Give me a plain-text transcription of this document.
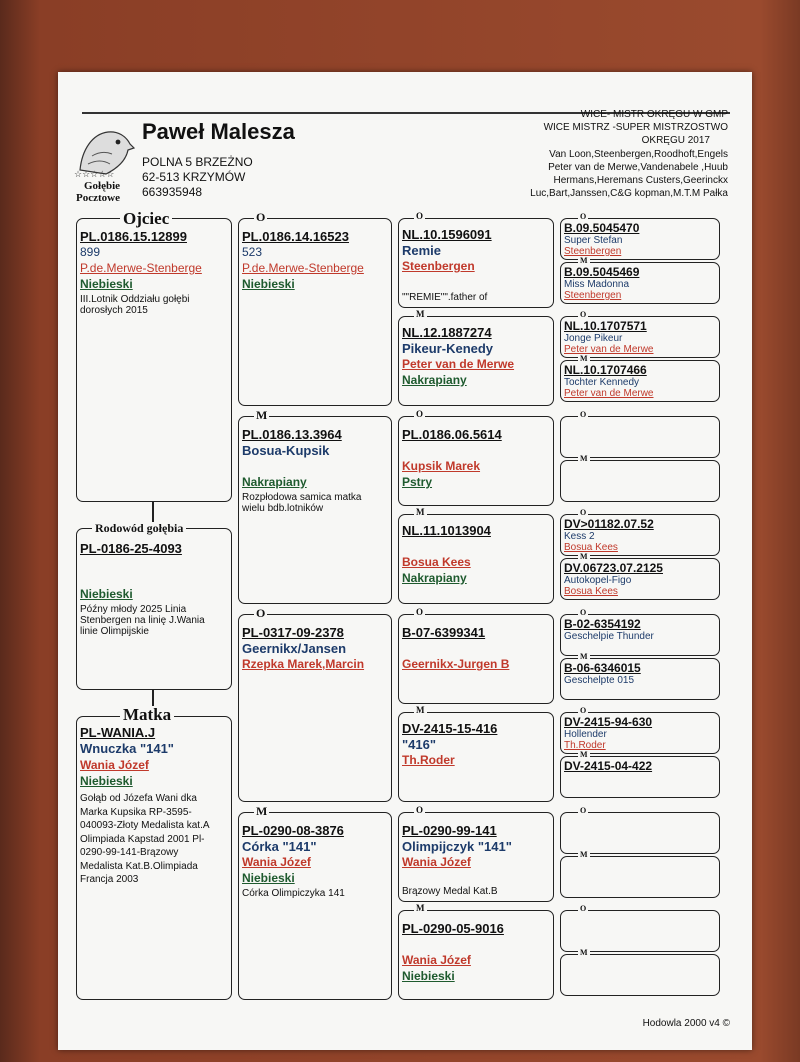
☆☆☆☆☆
Gołębie
Pocztowe
Paweł Malesza
POLNA 5 BRZEŻNO
62-513 KRZYMÓW
663935948
WICE- MISTR OKRĘGU W GMP
WICE MISTRZ -SUPER MISTRZOSTWO
OKRĘGU 2017
Van Loon,Steenbergen,Roodhoft,Engels
Peter van de Merwe,Vandenabele ,Huub
Hermans,Heremans Custers,Geerinckx
Luc,Bart,Janssen,C&G kopman,M.T.M Pałka
Ojciec
PL.0186.15.12899
899
P.de.Merwe-Stenberge
Niebieski
III.Lotnik Oddziału gołębi dorosłych 2015
Rodowód gołębia
PL-0186-25-4093
Niebieski
Późny młody 2025 Linia Stenbergen na linię J.Wania linie Olimpijskie
Matka
PL-WANIA.J
Wnuczka "141"
Wania Józef
Niebieski
Gołąb od Józefa Wani dka Marka Kupsika RP-3595-040093-Złoty Medalista kat.A Olimpiada Kapstad 2001 Pl-0290-99-141-Brązowy Medalista Kat.B.Olimpiada Francja 2003
O
PL.0186.14.16523
523
P.de.Merwe-Stenberge
Niebieski
M
PL.0186.13.3964
Bosua-Kupsik
Nakrapiany
Rozpłodowa samica matka wielu bdb.lotników
O
PL-0317-09-2378
Geernikx/Jansen
Rzepka Marek,Marcin
M
PL-0290-08-3876
Córka "141"
Wania Józef
Niebieski
Córka Olimpiczyka 141
O
NL.10.1596091
Remie
Steenbergen
""REMIE"".father of
M
NL.12.1887274
Pikeur-Kenedy
Peter van de Merwe
Nakrapiany
O
PL.0186.06.5614
Kupsik Marek
Pstry
M
NL.11.1013904
Bosua Kees
Nakrapiany
O
B-07-6399341
Geernikx-Jurgen B
M
DV-2415-15-416
"416"
Th.Roder
O
PL-0290-99-141
Olimpijczyk "141"
Wania Józef
Brązowy Medal Kat.B
M
PL-0290-05-9016
Wania Józef
Niebieski
O
B.09.5045470
Super Stefan
Steenbergen
M
B.09.5045469
Miss Madonna
Steenbergen
O
NL.10.1707571
Jonge Pikeur
Peter van de Merwe
M
NL.10.1707466
Tochter Kennedy
Peter van de Merwe
O
M
O
DV>01182.07.52
Kess 2
Bosua Kees
M
DV.06723.07.2125
Autokopel-Figo
Bosua Kees
O
B-02-6354192
Geschelpie Thunder
M
B-06-6346015
Geschelpte 015
O
DV-2415-94-630
Hollender
Th.Roder
M
DV-2415-04-422
O
M
O
M
Hodowla 2000 v4 ©
